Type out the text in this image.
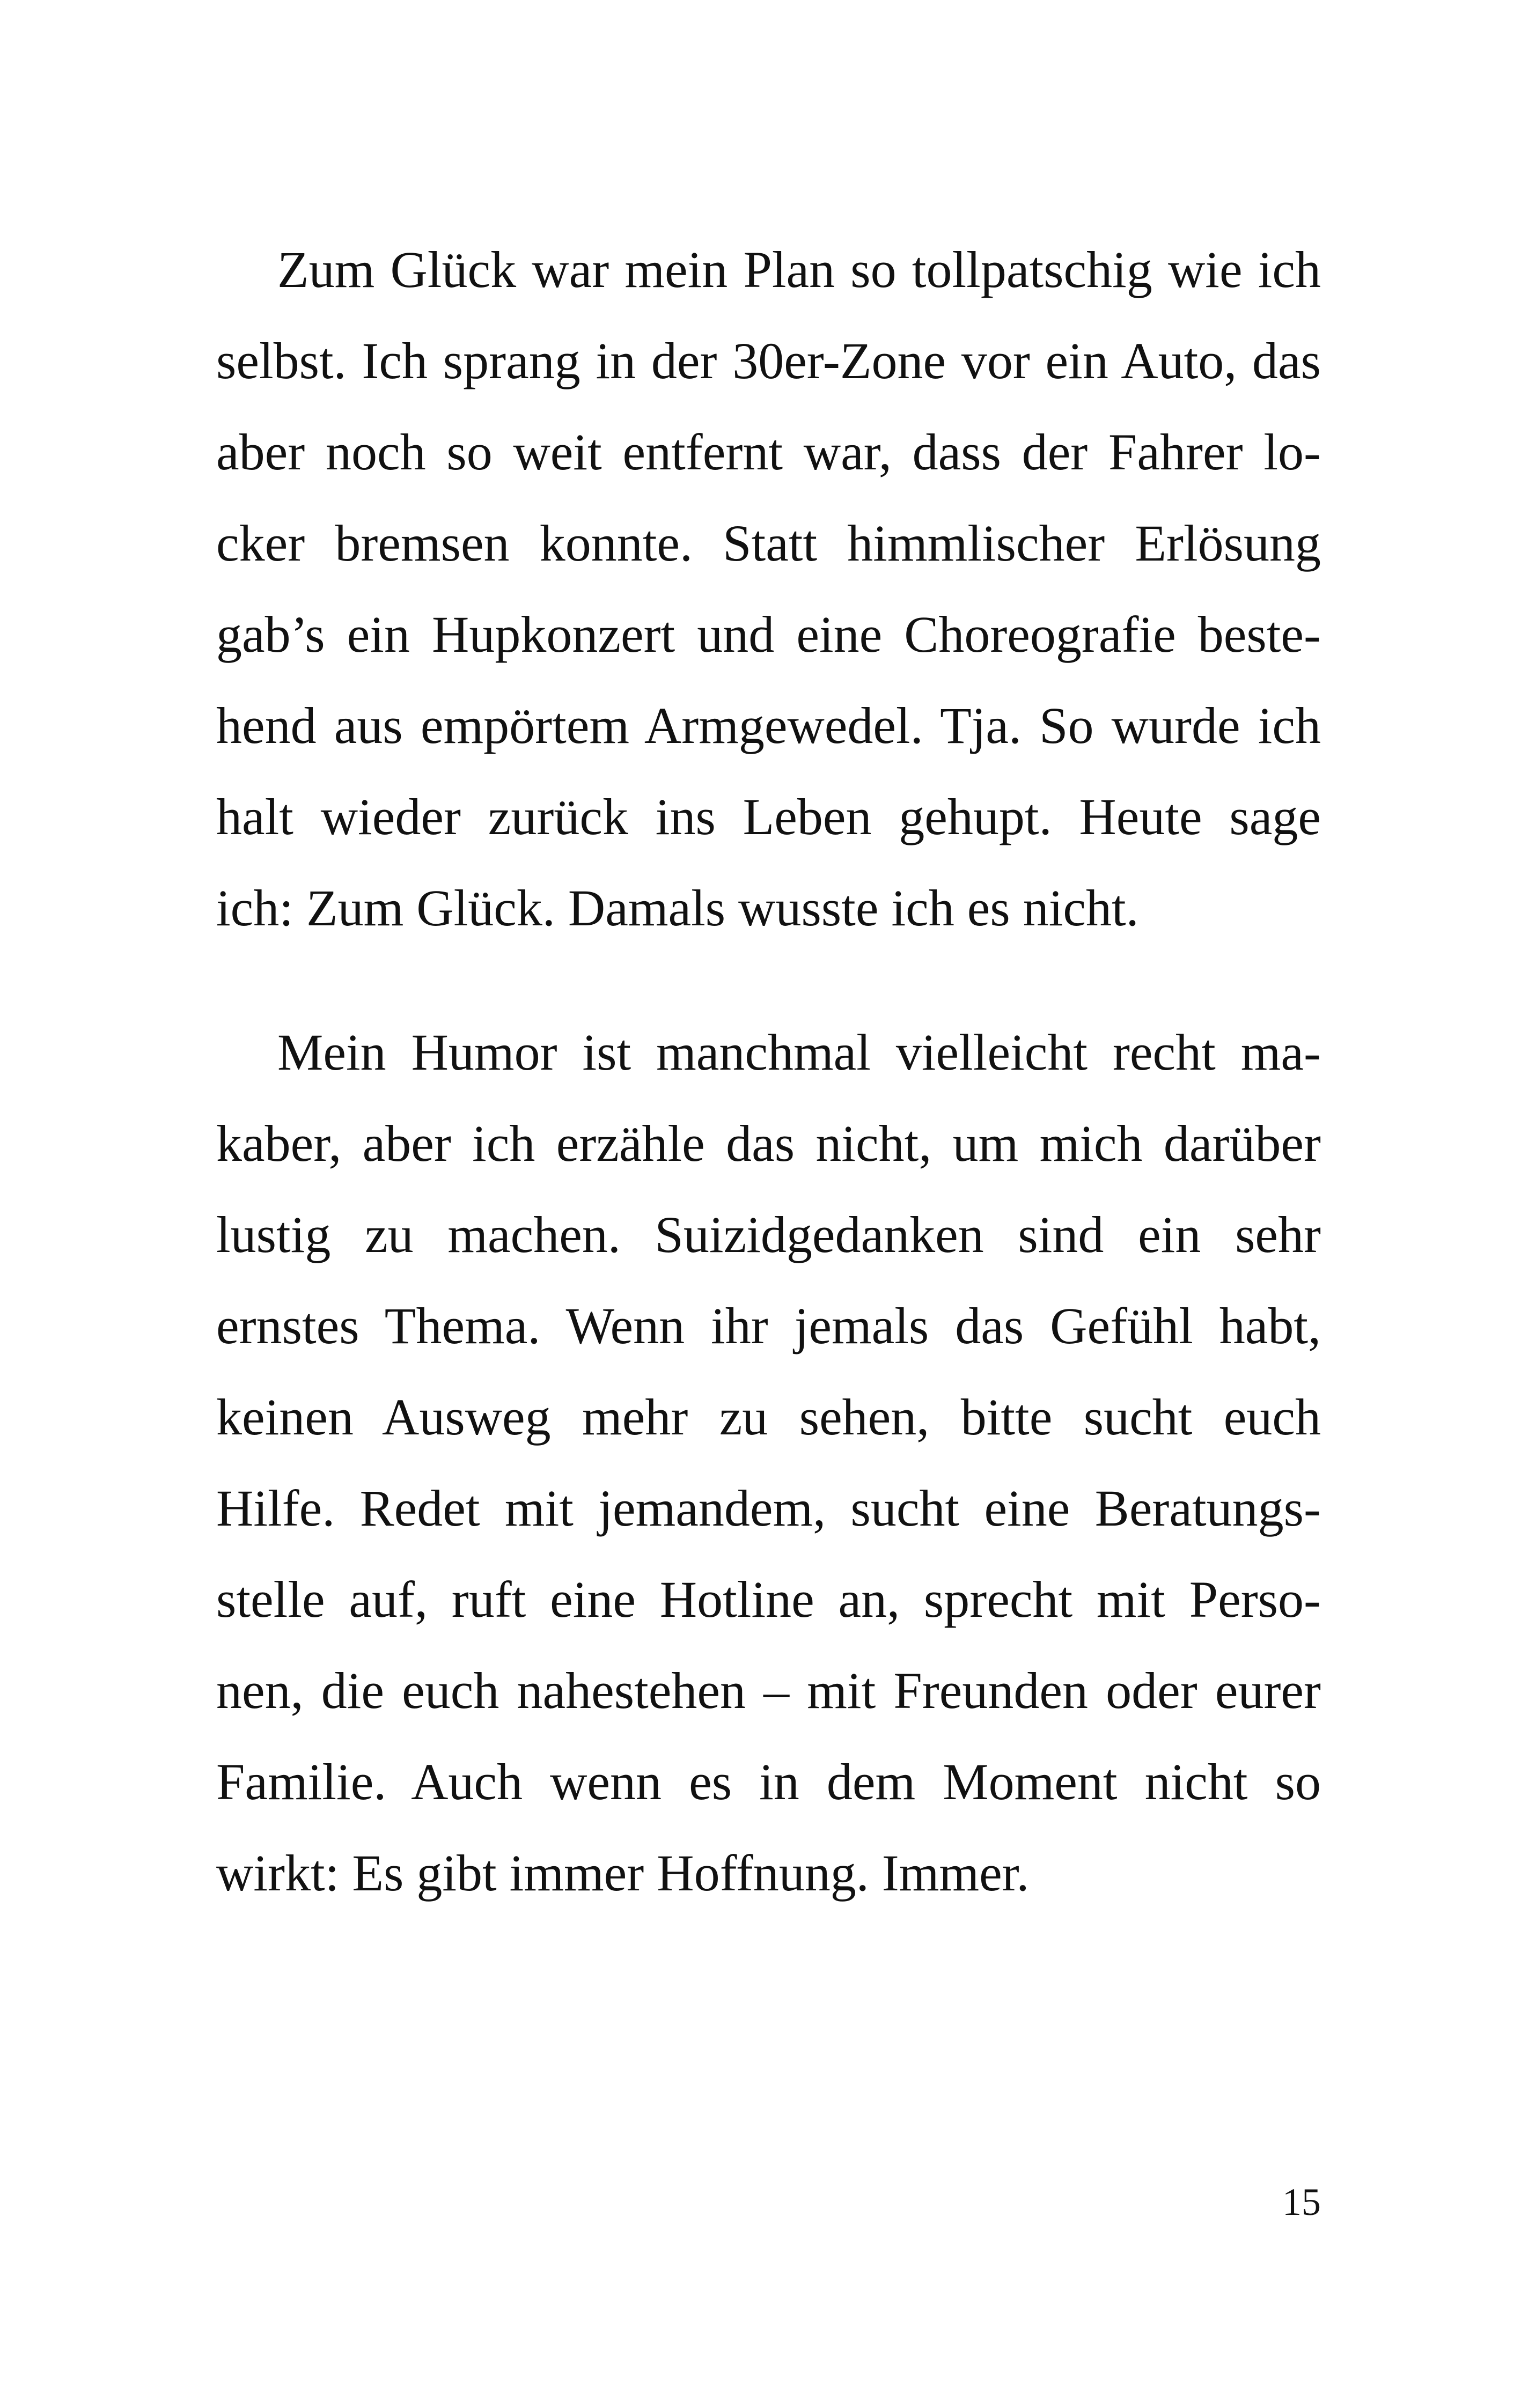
Zum Glück war mein Plan so tollpatschig wie ich
selbst. Ich sprang in der 30er-Zone vor ein Auto, das
aber noch so weit entfernt war, dass der Fahrer lo-
cker bremsen konnte. Statt himmlischer Erlösung
gab’s ein Hupkonzert und eine Choreografie beste-
hend aus empörtem Armgewedel. Tja. So wurde ich
halt wieder zurück ins Leben gehupt. Heute sage
ich: Zum Glück. Damals wusste ich es nicht.

Mein Humor ist manchmal vielleicht recht ma-
kaber, aber ich erzähle das nicht, um mich darüber
lustig zu machen. Suizidgedanken sind ein sehr
ernstes Thema. Wenn ihr jemals das Gefühl habt,
keinen Ausweg mehr zu sehen, bitte sucht euch
Hilfe. Redet mit jemandem, sucht eine Beratungs-
stelle auf, ruft eine Hotline an, sprecht mit Perso-
nen, die euch nahestehen – mit Freunden oder eurer
Familie. Auch wenn es in dem Moment nicht so
wirkt: Es gibt immer Hoffnung. Immer.

15
